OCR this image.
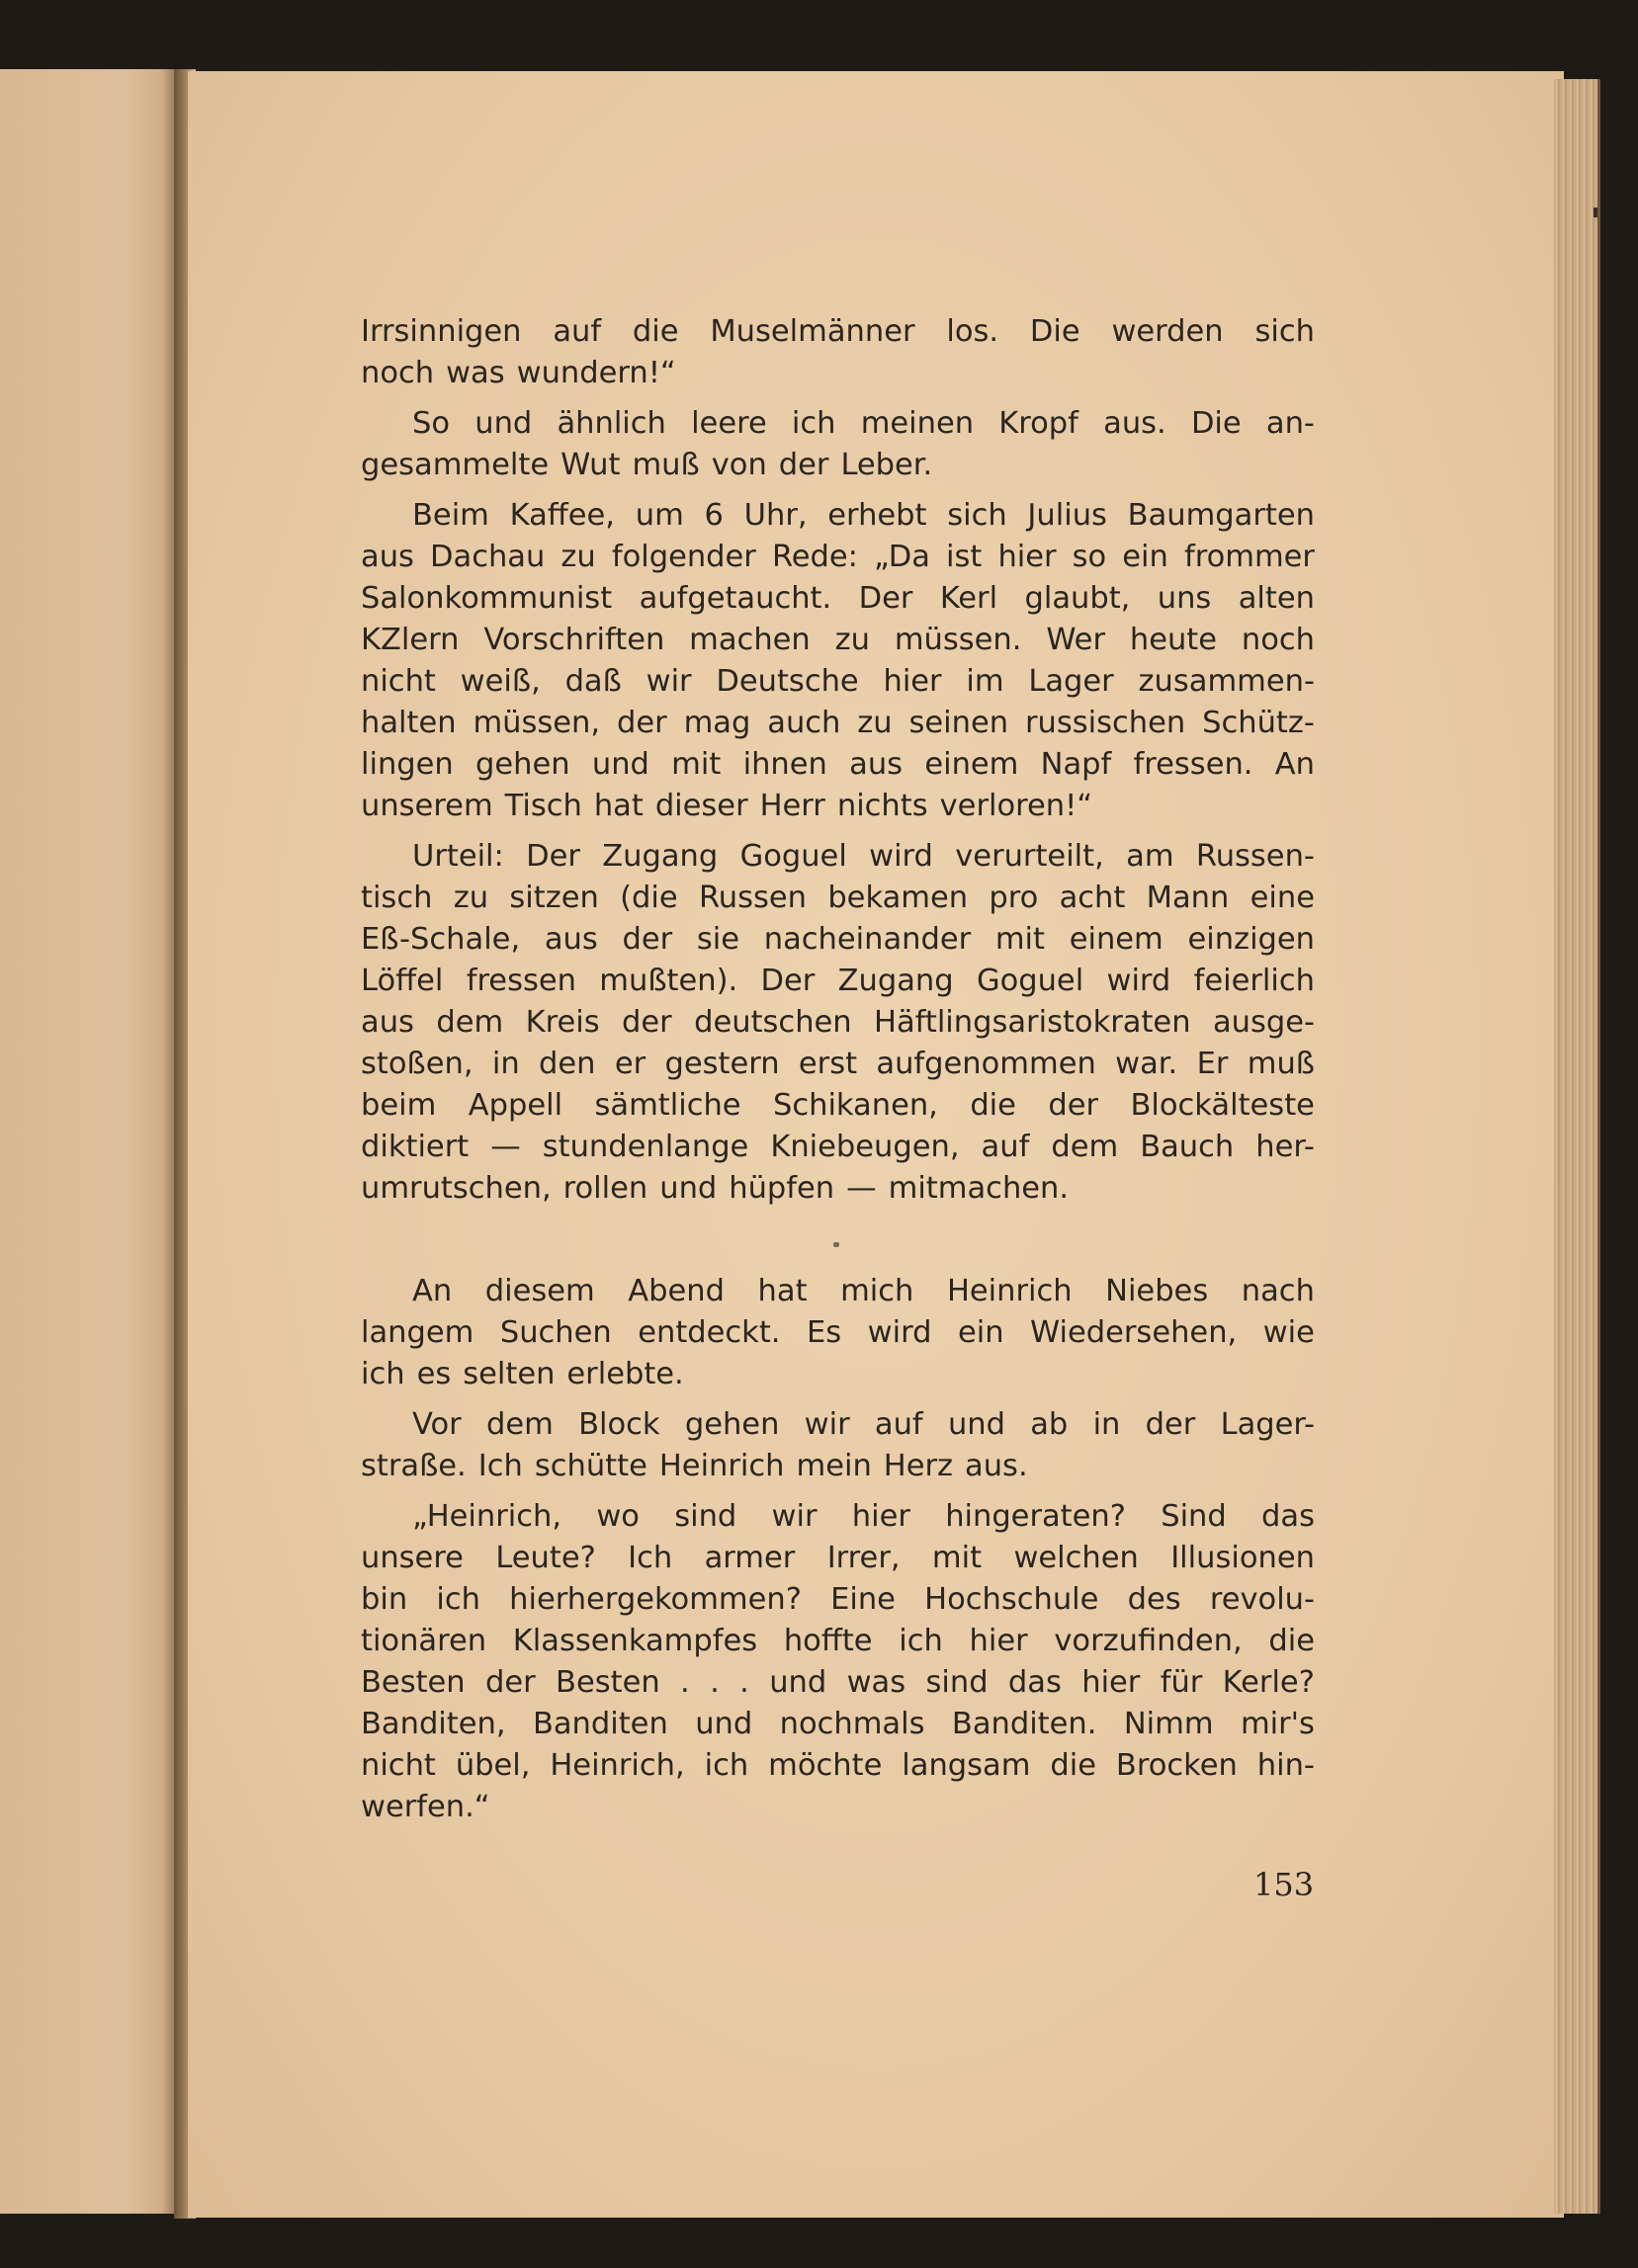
Irrsinnigen auf die Muselmänner los. Die werden sich
noch was wundern!“
So und ähnlich leere ich meinen Kropf aus. Die an-
gesammelte Wut muß von der Leber.
Beim Kaffee, um 6 Uhr, erhebt sich Julius Baumgarten
aus Dachau zu folgender Rede: „Da ist hier so ein frommer
Salonkommunist aufgetaucht. Der Kerl glaubt, uns alten
KZlern Vorschriften machen zu müssen. Wer heute noch
nicht weiß, daß wir Deutsche hier im Lager zusammen-
halten müssen, der mag auch zu seinen russischen Schütz-
lingen gehen und mit ihnen aus einem Napf fressen. An
unserem Tisch hat dieser Herr nichts verloren!“
Urteil: Der Zugang Goguel wird verurteilt, am Russen-
tisch zu sitzen (die Russen bekamen pro acht Mann eine
Eß-Schale, aus der sie nacheinander mit einem einzigen
Löffel fressen mußten). Der Zugang Goguel wird feierlich
aus dem Kreis der deutschen Häftlingsaristokraten ausge-
stoßen, in den er gestern erst aufgenommen war. Er muß
beim Appell sämtliche Schikanen, die der Blockälteste
diktiert — stundenlange Kniebeugen, auf dem Bauch her-
umrutschen, rollen und hüpfen — mitmachen.
An diesem Abend hat mich Heinrich Niebes nach
langem Suchen entdeckt. Es wird ein Wiedersehen, wie
ich es selten erlebte.
Vor dem Block gehen wir auf und ab in der Lager-
straße. Ich schütte Heinrich mein Herz aus.
„Heinrich, wo sind wir hier hingeraten? Sind das
unsere Leute? Ich armer Irrer, mit welchen Illusionen
bin ich hierhergekommen? Eine Hochschule des revolu-
tionären Klassenkampfes hoffte ich hier vorzufinden, die
Besten der Besten . . . und was sind das hier für Kerle?
Banditen, Banditen und nochmals Banditen. Nimm mir's
nicht übel, Heinrich, ich möchte langsam die Brocken hin-
werfen.“
153
